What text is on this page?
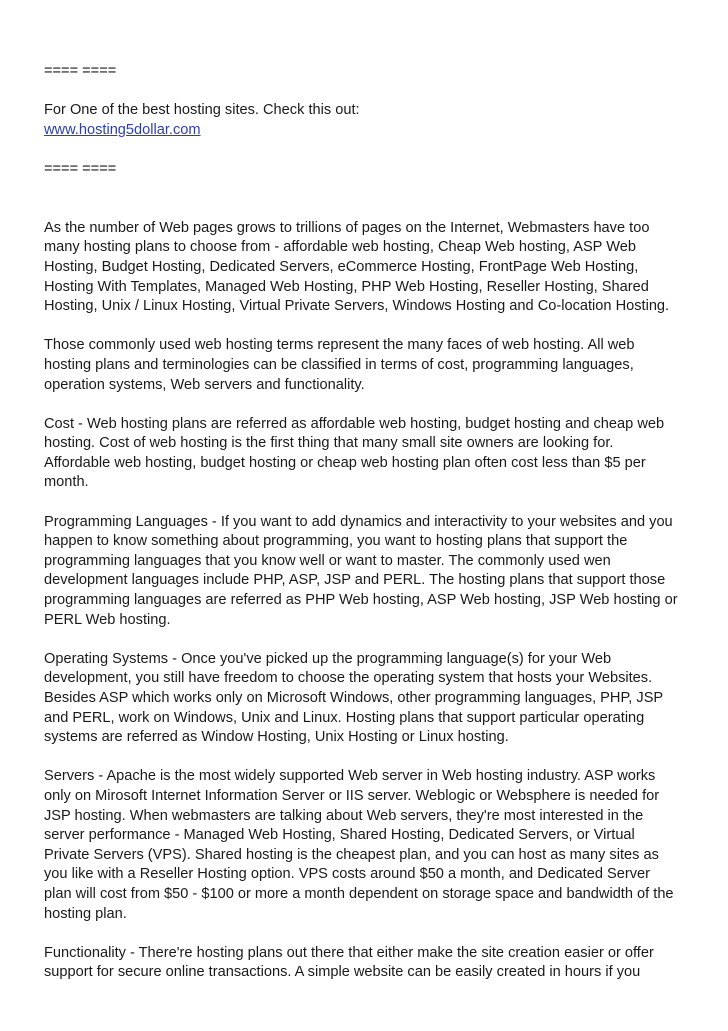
==== ====
For One of the best hosting sites. Check this out:
www.hosting5dollar.com
==== ====
As the number of Web pages grows to trillions of pages on the Internet, Webmasters have too
many hosting plans to choose from - affordable web hosting, Cheap Web hosting, ASP Web
Hosting, Budget Hosting, Dedicated Servers, eCommerce Hosting, FrontPage Web Hosting,
Hosting With Templates, Managed Web Hosting, PHP Web Hosting, Reseller Hosting, Shared
Hosting, Unix / Linux Hosting, Virtual Private Servers, Windows Hosting and Co-location Hosting.
Those commonly used web hosting terms represent the many faces of web hosting. All web
hosting plans and terminologies can be classified in terms of cost, programming languages,
operation systems, Web servers and functionality.
Cost - Web hosting plans are referred as affordable web hosting, budget hosting and cheap web
hosting. Cost of web hosting is the first thing that many small site owners are looking for.
Affordable web hosting, budget hosting or cheap web hosting plan often cost less than $5 per
month.
Programming Languages - If you want to add dynamics and interactivity to your websites and you
happen to know something about programming, you want to hosting plans that support the
programming languages that you know well or want to master. The commonly used wen
development languages include PHP, ASP, JSP and PERL. The hosting plans that support those
programming languages are referred as PHP Web hosting, ASP Web hosting, JSP Web hosting or
PERL Web hosting.
Operating Systems - Once you've picked up the programming language(s) for your Web
development, you still have freedom to choose the operating system that hosts your Websites.
Besides ASP which works only on Microsoft Windows, other programming languages, PHP, JSP
and PERL, work on Windows, Unix and Linux. Hosting plans that support particular operating
systems are referred as Window Hosting, Unix Hosting or Linux hosting.
Servers - Apache is the most widely supported Web server in Web hosting industry. ASP works
only on Mirosoft Internet Information Server or IIS server. Weblogic or Websphere is needed for
JSP hosting. When webmasters are talking about Web servers, they're most interested in the
server performance - Managed Web Hosting, Shared Hosting, Dedicated Servers, or Virtual
Private Servers (VPS). Shared hosting is the cheapest plan, and you can host as many sites as
you like with a Reseller Hosting option. VPS costs around $50 a month, and Dedicated Server
plan will cost from $50 - $100 or more a month dependent on storage space and bandwidth of the
hosting plan.
Functionality - There're hosting plans out there that either make the site creation easier or offer
support for secure online transactions. A simple website can be easily created in hours if you
